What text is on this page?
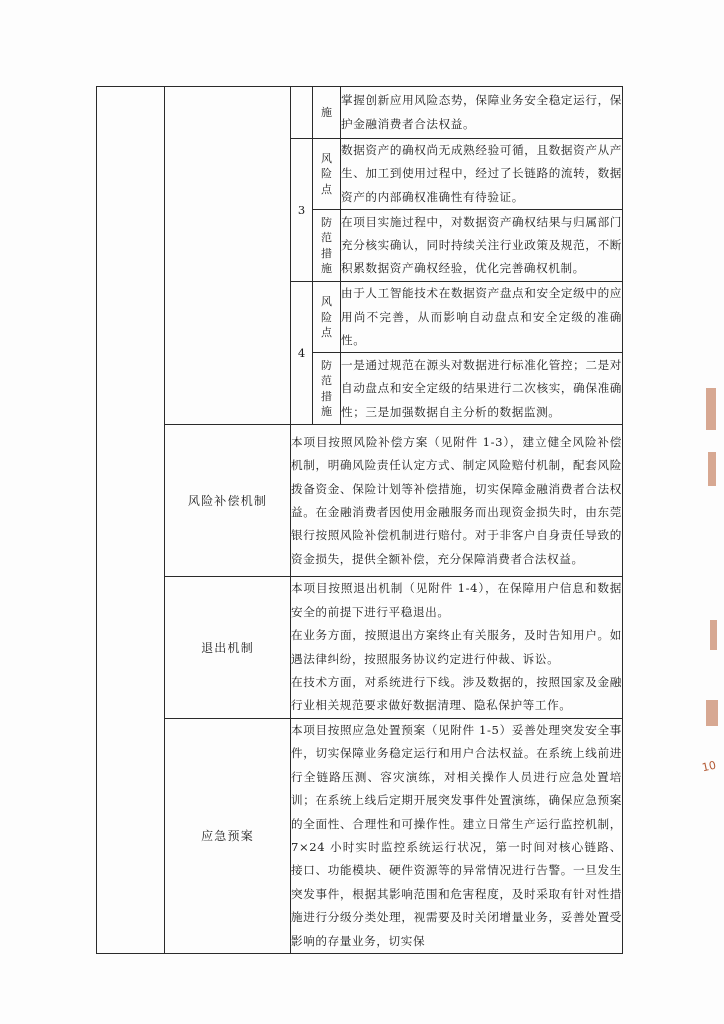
			施	掌握创新应用风险态势，保障业务安全稳定运行，保护金融消费者合法权益。
		3	风
险
点	数据资产的确权尚无成熟经验可循，且数据资产从产生、加工到使用过程中，经过了长链路的流转，数据资产的内部确权准确性有待验证。

			防
范
措
施	在项目实施过程中，对数据资产确权结果与归属部门充分核实确认，同时持续关注行业政策及规范，不断积累数据资产确权经验，优化完善确权机制。
		4	风
险
点	由于人工智能技术在数据资产盘点和安全定级中的应用尚不完善，从而影响自动盘点和安全定级的准确性。

			防
范
措
施	一是通过规范在源头对数据进行标准化管控；二是对自动盘点和安全定级的结果进行二次核实，确保准确性；三是加强数据自主分析的数据监测。
	风险补偿机制	本项目按照风险补偿方案（见附件 1-3），建立健全风险补偿机制，明确风险责任认定方式、制定风险赔付机制，配套风险拨备资金、保险计划等补偿措施，切实保障金融消费者合法权益。在金融消费者因使用金融服务而出现资金损失时，由东莞银行按照风险补偿机制进行赔付。对于非客户自身责任导致的资金损失，提供全额补偿，充分保障消费者合法权益。		
	退出机制	本项目按照退出机制（见附件 1-4），在保障用户信息和数据安全的前提下进行平稳退出。
在业务方面，按照退出方案终止有关服务，及时告知用户。如遇法律纠纷，按照服务协议约定进行仲裁、诉讼。
在技术方面，对系统进行下线。涉及数据的，按照国家及金融行业相关规范要求做好数据清理、隐私保护等工作。		

	应急预案	本项目按照应急处置预案（见附件 1-5）妥善处理突发安全事件，切实保障业务稳定运行和用户合法权益。在系统上线前进行全链路压测、容灾演练，对相关操作人员进行应急处置培训；在系统上线后定期开展突发事件处置演练，确保应急预案的全面性、合理性和可操作性。建立日常生产运行监控机制，7×24 小时实时监控系统运行状况，第一时间对核心链路、接口、功能模块、硬件资源等的异常情况进行告警。一旦发生突发事件，根据其影响范围和危害程度，及时采取有针对性措施进行分级分类处理，视需要及时关闭增量业务，妥善处置受影响的存量业务，切实保		
10
